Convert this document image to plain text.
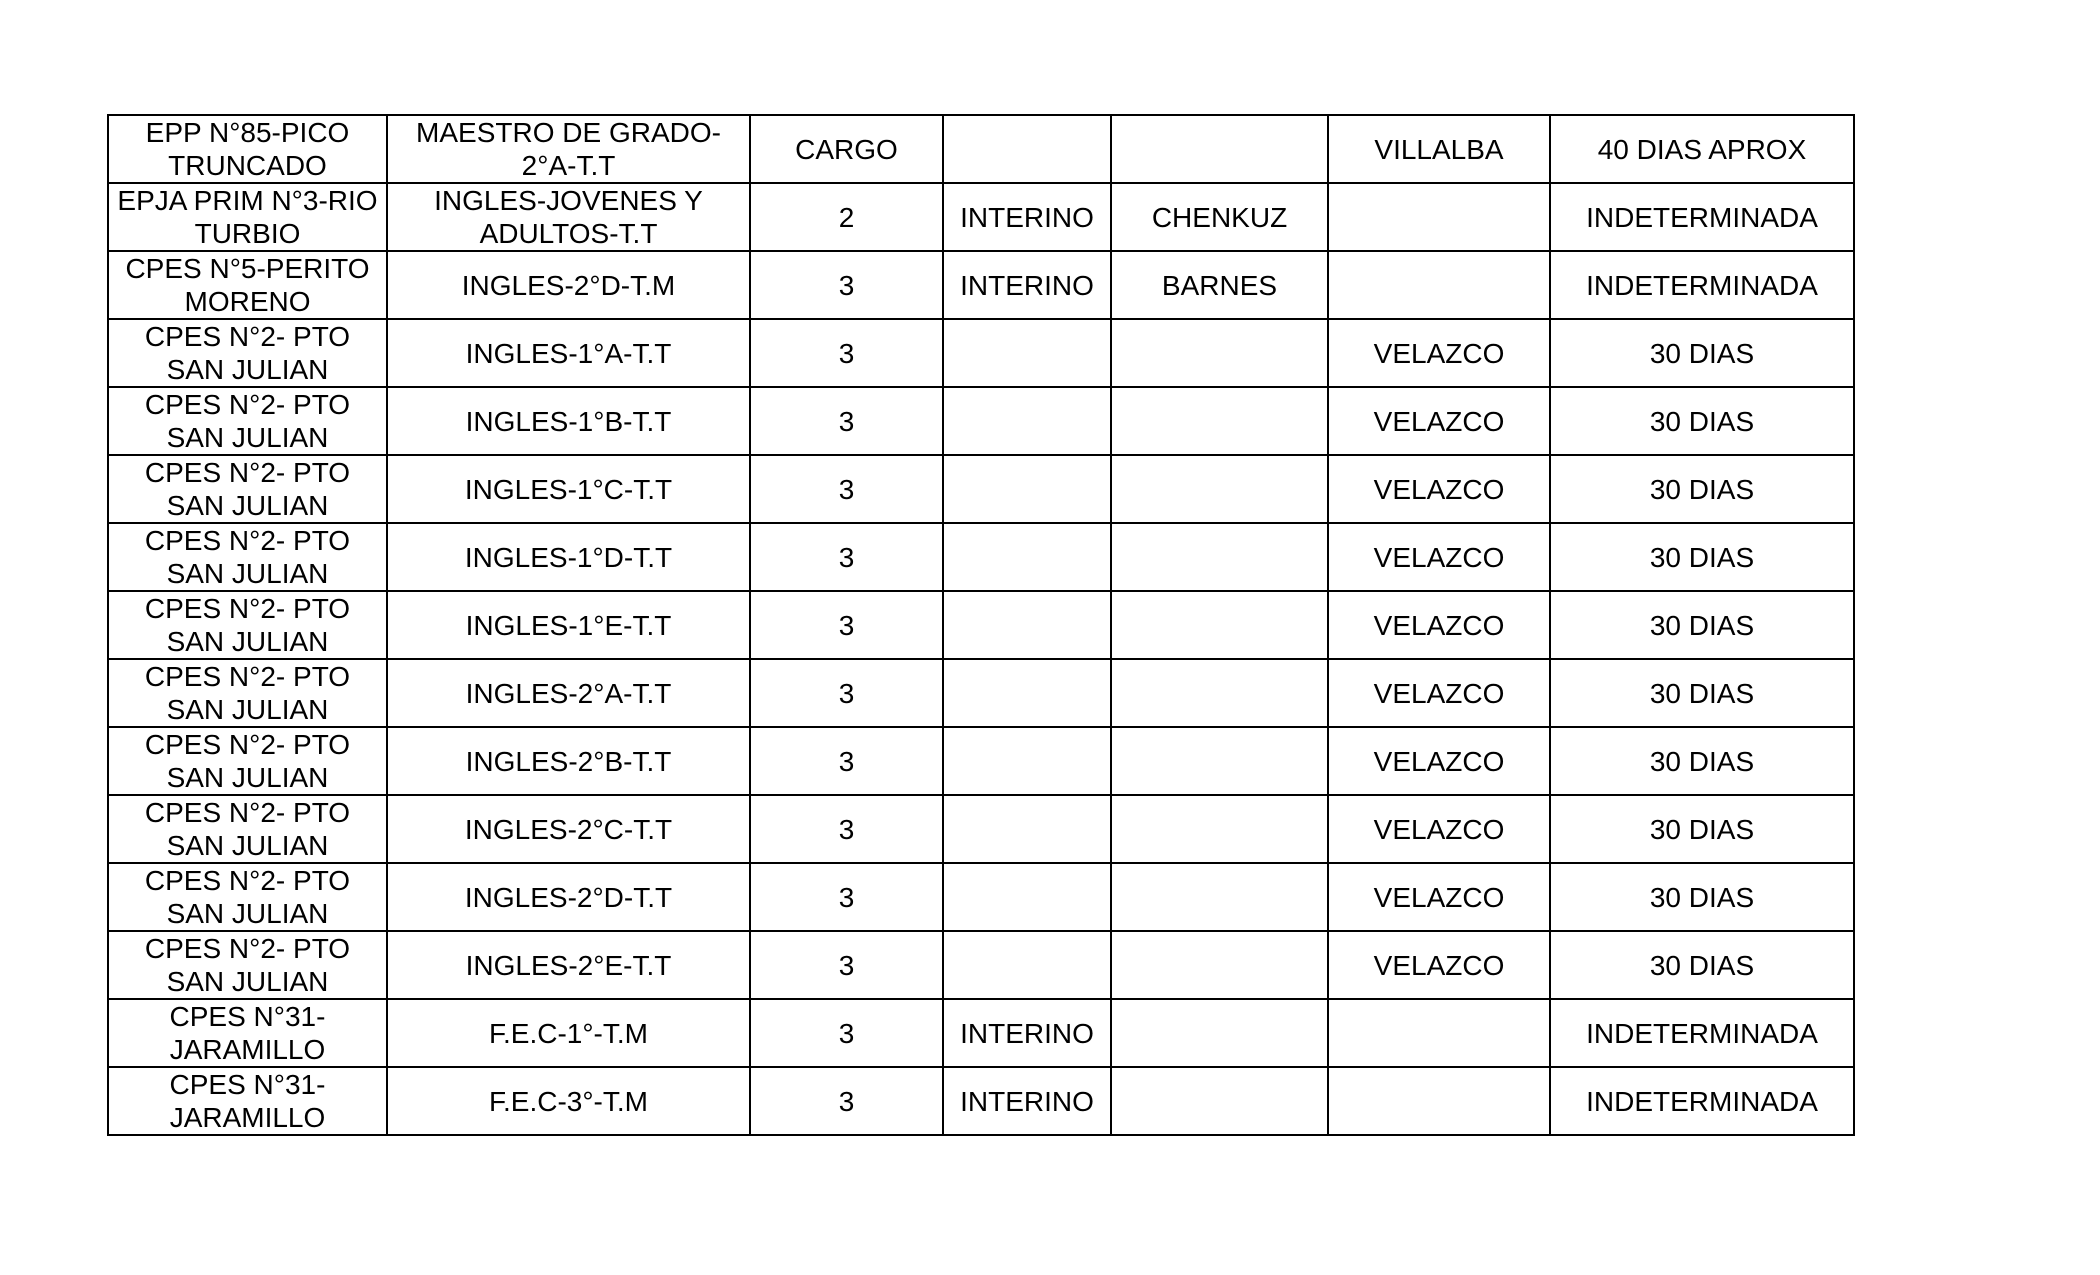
EPP N°85-PICO TRUNCADO	MAESTRO DE GRADO-2°A-T.T	CARGO			VILLALBA	40 DIAS APROX
EPJA PRIM N°3-RIO TURBIO	INGLES-JOVENES Y ADULTOS-T.T	2	INTERINO	CHENKUZ		INDETERMINADA
CPES N°5-PERITO MORENO	INGLES-2°D-T.M	3	INTERINO	BARNES		INDETERMINADA
CPES N°2- PTO SAN JULIAN	INGLES-1°A-T.T	3			VELAZCO	30 DIAS
CPES N°2- PTO SAN JULIAN	INGLES-1°B-T.T	3			VELAZCO	30 DIAS
CPES N°2- PTO SAN JULIAN	INGLES-1°C-T.T	3			VELAZCO	30 DIAS
CPES N°2- PTO SAN JULIAN	INGLES-1°D-T.T	3			VELAZCO	30 DIAS
CPES N°2- PTO SAN JULIAN	INGLES-1°E-T.T	3			VELAZCO	30 DIAS
CPES N°2- PTO SAN JULIAN	INGLES-2°A-T.T	3			VELAZCO	30 DIAS
CPES N°2- PTO SAN JULIAN	INGLES-2°B-T.T	3			VELAZCO	30 DIAS
CPES N°2- PTO SAN JULIAN	INGLES-2°C-T.T	3			VELAZCO	30 DIAS
CPES N°2- PTO SAN JULIAN	INGLES-2°D-T.T	3			VELAZCO	30 DIAS
CPES N°2- PTO SAN JULIAN	INGLES-2°E-T.T	3			VELAZCO	30 DIAS
CPES N°31-JARAMILLO	F.E.C-1°-T.M	3	INTERINO			INDETERMINADA
CPES N°31-JARAMILLO	F.E.C-3°-T.M	3	INTERINO			INDETERMINADA
